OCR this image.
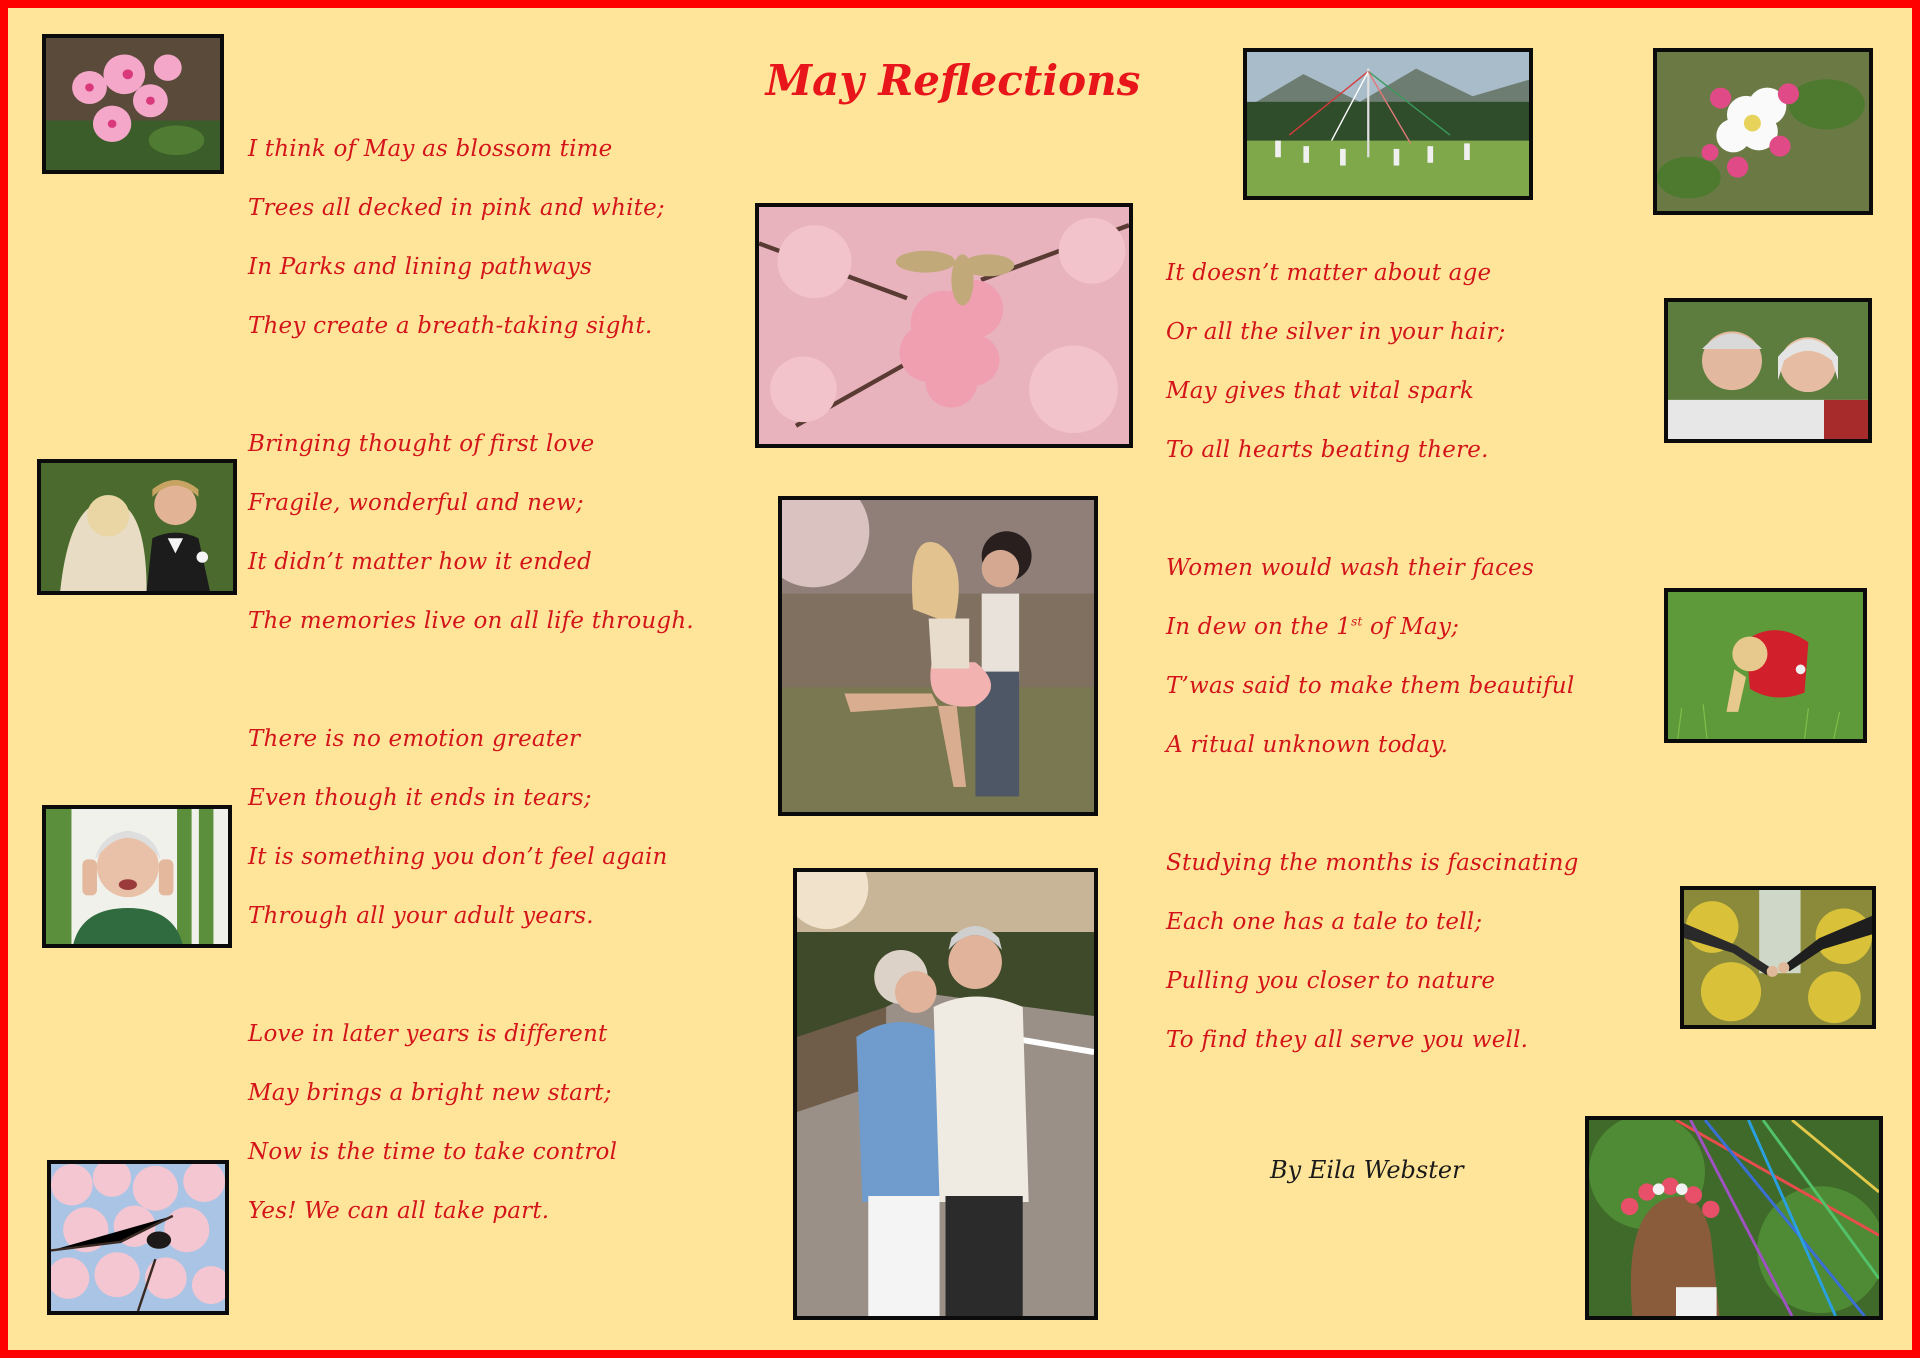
May Reflections
I think of May as blossom time
Trees all decked in pink and white;
In Parks and lining pathways
They create a breath-taking sight.
Bringing thought of first love
Fragile, wonderful and new;
It didn’t matter how it ended
The memories live on all life through.
There is no emotion greater
Even though it ends in tears;
It is something you don’t feel again
Through all your adult years.
Love in later years is different
May brings a bright new start;
Now is the time to take control
Yes! We can all take part.
It doesn’t matter about age
Or all the silver in your hair;
May gives that vital spark
To all hearts beating there.
Women would wash their faces
In dew on the 1st of May;
T’was said to make them beautiful
A ritual unknown today.
Studying the months is fascinating
Each one has a tale to tell;
Pulling you closer to nature
To find they all serve you well.
By Eila Webster
